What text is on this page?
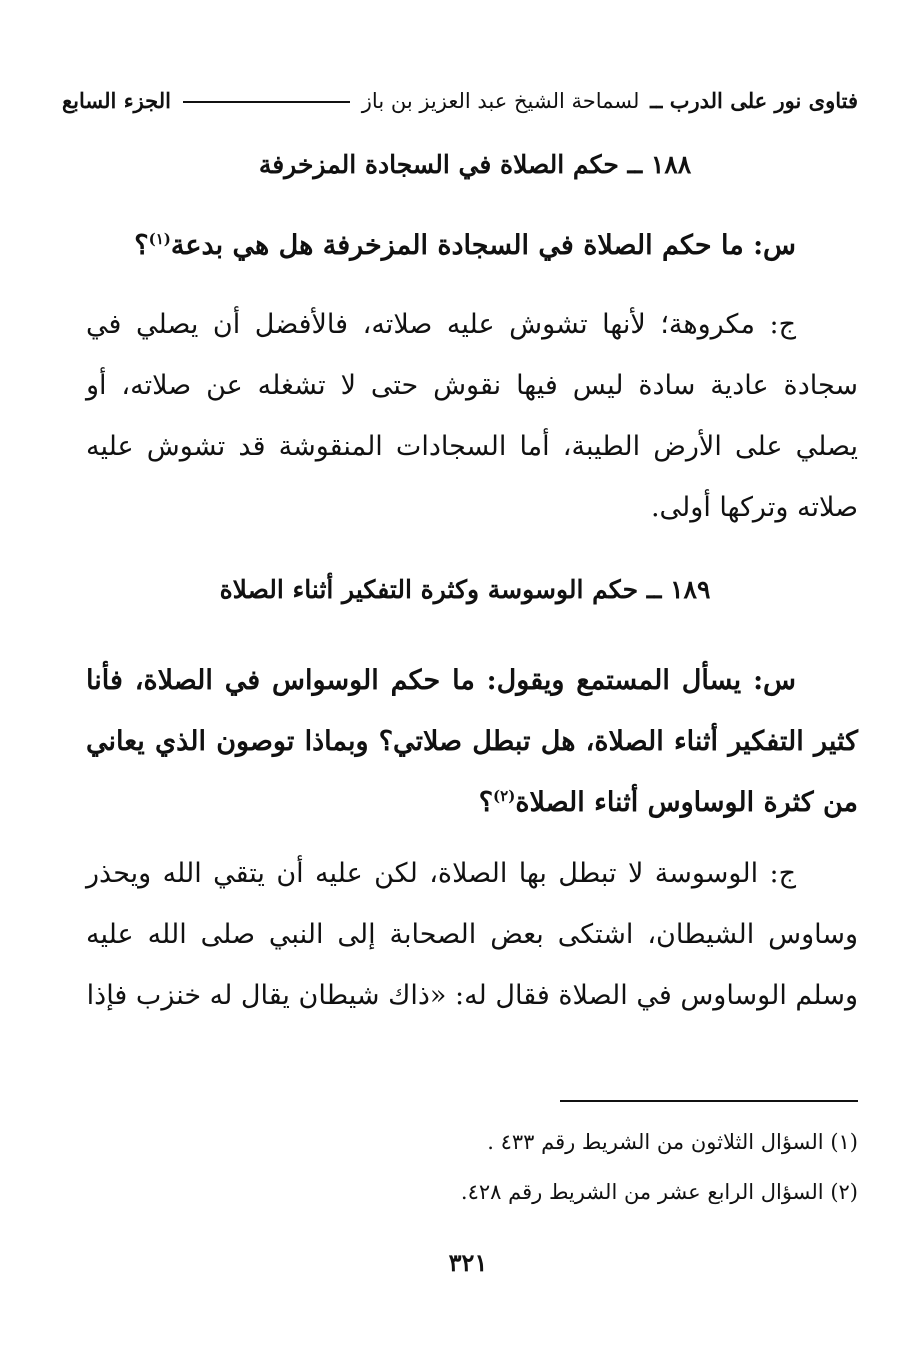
فتاوى نور على الدرب ــ لسماحة الشيخ عبد العزيز بن باز
الجزء السابع
١٨٨ ــ حكم الصلاة في السجادة المزخرفة
س: ما حكم الصلاة في السجادة المزخرفة هل هي بدعة$^{(١)}$؟
ج: مكروهة؛ لأنها تشوش عليه صلاته، فالأفضل أن يصلي في سجادة عادية سادة ليس فيها نقوش حتى لا تشغله عن صلاته، أو يصلي على الأرض الطيبة، أما السجادات المنقوشة قد تشوش عليه صلاته وتركها أولى.
١٨٩ ــ حكم الوسوسة وكثرة التفكير أثناء الصلاة
س: يسأل المستمع ويقول: ما حكم الوسواس في الصلاة، فأنا كثير التفكير أثناء الصلاة، هل تبطل صلاتي؟ وبماذا توصون الذي يعاني من كثرة الوساوس أثناء الصلاة$^{(٢)}$؟
ج: الوسوسة لا تبطل بها الصلاة، لكن عليه أن يتقي الله ويحذر وساوس الشيطان، اشتكى بعض الصحابة إلى النبي صلى الله عليه وسلم الوساوس في الصلاة فقال له: «ذاك شيطان يقال له خنزب فإذا
(١) السؤال الثلاثون من الشريط رقم ٤٣٣ .
(٢) السؤال الرابع عشر من الشريط رقم ٤٢٨.
٣٢١
